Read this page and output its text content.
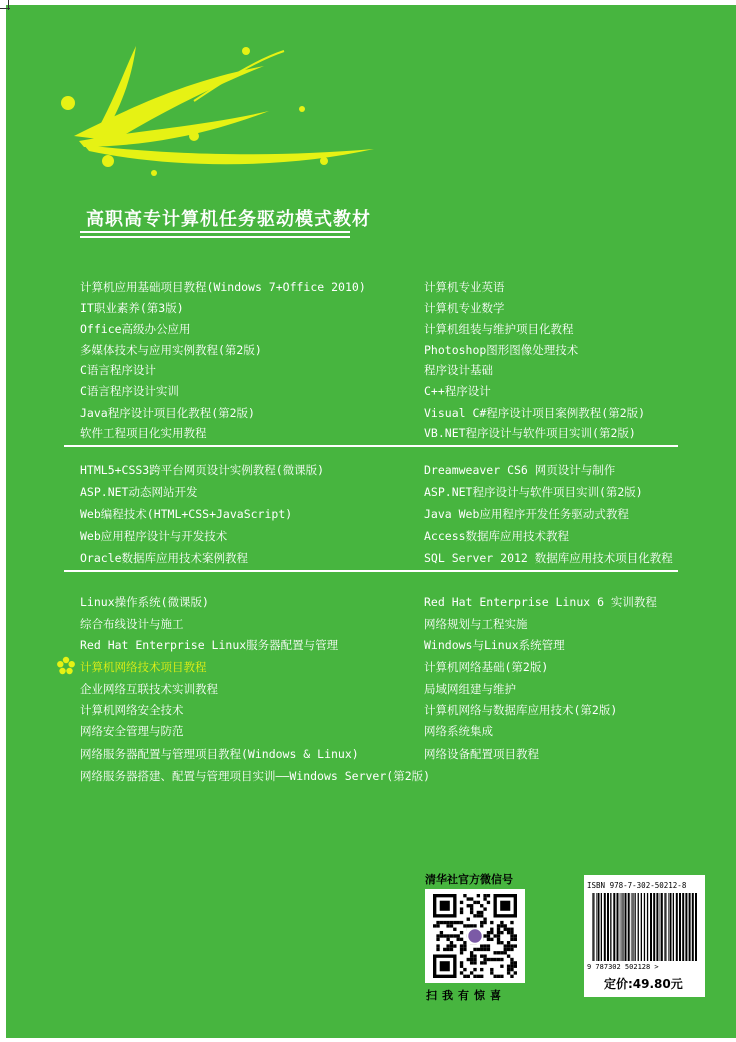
高职高专计算机任务驱动模式教材
计算机应用基础项目教程(Windows 7+Office 2010)
IT职业素养(第3版)
Office高级办公应用
多媒体技术与应用实例教程(第2版)
C语言程序设计
C语言程序设计实训
Java程序设计项目化教程(第2版)
软件工程项目化实用教程
计算机专业英语
计算机专业数学
计算机组装与维护项目化教程
Photoshop图形图像处理技术
程序设计基础
C++程序设计
Visual C#程序设计项目案例教程(第2版)
VB.NET程序设计与软件项目实训(第2版)
HTML5+CSS3跨平台网页设计实例教程(微课版)
ASP.NET动态网站开发
Web编程技术(HTML+CSS+JavaScript)
Web应用程序设计与开发技术
Oracle数据库应用技术案例教程
Dreamweaver CS6 网页设计与制作
ASP.NET程序设计与软件项目实训(第2版)
Java Web应用程序开发任务驱动式教程
Access数据库应用技术教程
SQL Server 2012 数据库应用技术项目化教程
Linux操作系统(微课版)
综合布线设计与施工
Red Hat Enterprise Linux服务器配置与管理
计算机网络技术项目教程
企业网络互联技术实训教程
计算机网络安全技术
网络安全管理与防范
网络服务器配置与管理项目教程(Windows & Linux)
网络服务器搭建、配置与管理项目实训——Windows Server(第2版)
Red Hat Enterprise Linux 6 实训教程
网络规划与工程实施
Windows与Linux系统管理
计算机网络基础(第2版)
局域网组建与维护
计算机网络与数据库应用技术(第2版)
网络系统集成
网络设备配置项目教程
清华社官方微信号
扫我有惊喜
ISBN 978-7-302-50212-8
9 787302 502128 >
定价:49.80元
